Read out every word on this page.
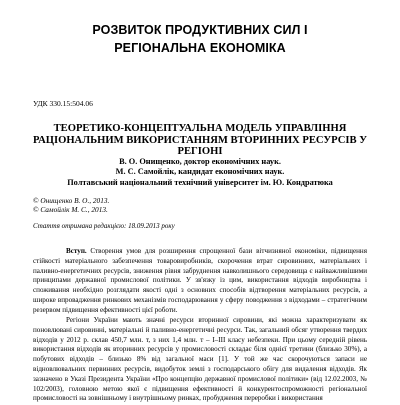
РОЗВИТОК ПРОДУКТИВНИХ СИЛ І
РЕГІОНАЛЬНА ЕКОНОМІКА
УДК 330.15:504.06
ТЕОРЕТИКО-КОНЦЕПТУАЛЬНА МОДЕЛЬ УПРАВЛІННЯ
РАЦІОНАЛЬНИМ ВИКОРИСТАННЯМ ВТОРИННИХ РЕСУРСІВ У
РЕГІОНІ
В. О. Онищенко, доктор економічних наук.
М. С. Самойлік, кандидат економічних наук.
Полтавський національний технічний університет ім. Ю. Кондратюка
© Онищенко В. О., 2013.
© Самойлік М. С., 2013.
Стаття отримана редакцією: 18.09.2013 року

Вступ. Створення умов для розширення спрощенної бази вітчизняної економіки, підвищення стійкості матеріального забезпечення товаровиробників, скорочення втрат сировинних, матеріальних і паливно-енергетичних ресурсів, зниження рівня забруднення навколишнього середовища є найважливішими принципами державної промислової політики. У зв'язку із цим, використання відходів виробництва і споживання необхідно розглядати якості одні з основних способів відтворення матеріальних ресурсів, а широке впровадження ринкових механізмів господарювання у сферу поводження з відходами – стратегічним резервом підвищення ефективності цієї роботи.

Регіони України мають значні ресурси вторинної сировини, які можна характеризувати як поновлювані сировинні, матеріальні й паливно-енергетичні ресурси. Так, загальний обсяг утворення твердих відходів у 2012 р. склав 450,7 млн. т, з них 1,4 млн. т – I–III класу небезпеки. При цьому середній рівень використання відходів як вторинних ресурсів у промисловості складає біля однієї третини (близько 30%), а побутових відходів – близько 8% від загальної маси [1]. У той же час скорочуються запаси не відновлювальних первинних ресурсів, видобуток землі з господарського обігу для видалення відходів. Як зазначено в Указі Президента України «Про концепцію державної промислової політики» (від 12.02.2003, № 102/2003), головною метою якої є підвищення ефективності й конкурентоспроможності регіональної промисловості на зовнішньому і внутрішньому ринках, пробудження переробки і використання
